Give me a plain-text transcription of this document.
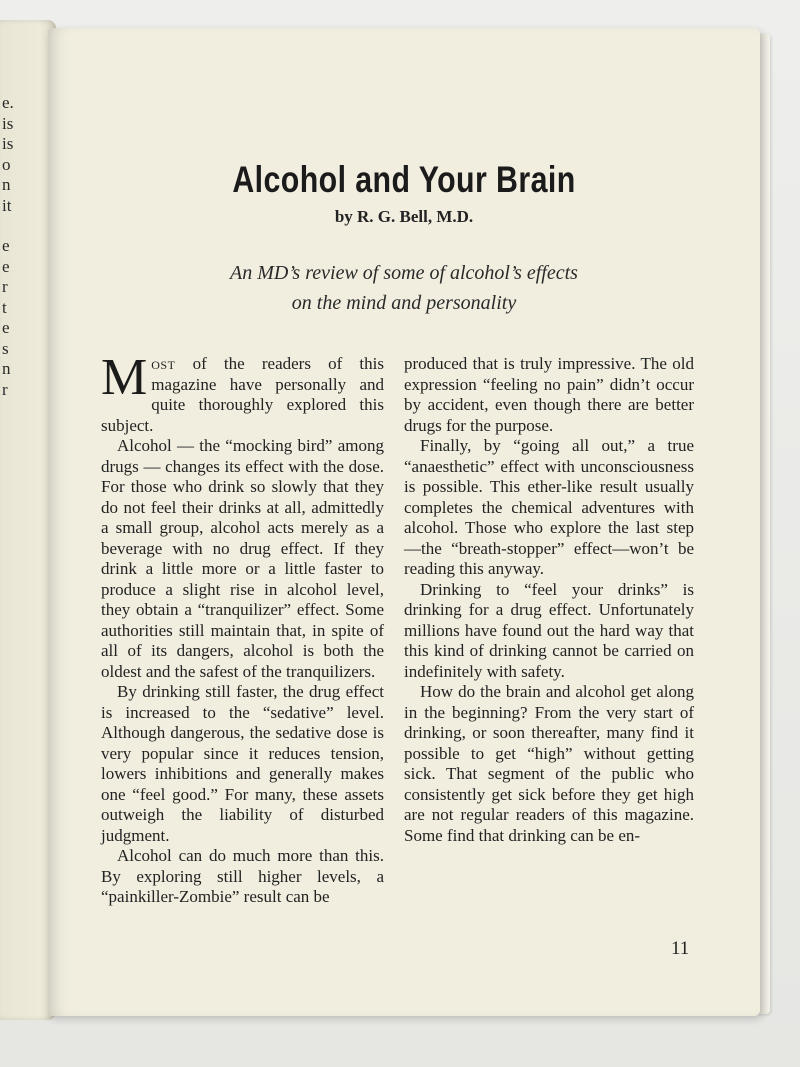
e.
is
is
o
n
it
e
e
r
t
e
s
n
r
Alcohol and Your Brain
by R. G. Bell, M.D.
An MD’s review of some of alcohol’s effects
on the mind and personality

Most of the readers of this magazine have personally and quite thoroughly explored this subject.

Alcohol — the “mocking bird” among drugs — changes its effect with the dose. For those who drink so slowly that they do not feel their drinks at all, admittedly a small group, alcohol acts merely as a beverage with no drug effect. If they drink a little more or a little faster to produce a slight rise in alcohol level, they obtain a “tranquilizer” effect. Some authorities still maintain that, in spite of all of its dangers, alcohol is both the oldest and the safest of the tranquilizers.

By drinking still faster, the drug effect is increased to the “sedative” level. Although dangerous, the sedative dose is very popular since it reduces tension, lowers inhibitions and generally makes one “feel good.” For many, these assets outweigh the liability of disturbed judgment.

Alcohol can do much more than this. By exploring still higher levels, a “painkiller-Zombie” result can be

produced that is truly impressive. The old expression “feeling no pain” didn’t occur by accident, even though there are better drugs for the purpose.

Finally, by “going all out,” a true “anaesthetic” effect with unconsciousness is possible. This ether-like result usually completes the chemical adventures with alcohol. Those who explore the last step—the “breath-stopper” effect—won’t be reading this anyway.

Drinking to “feel your drinks” is drinking for a drug effect. Unfortunately millions have found out the hard way that this kind of drinking cannot be carried on indefinitely with safety.

How do the brain and alcohol get along in the beginning? From the very start of drinking, or soon thereafter, many find it possible to get “high” without getting sick. That segment of the public who consistently get sick before they get high are not regular readers of this magazine. Some find that drinking can be en-

11
